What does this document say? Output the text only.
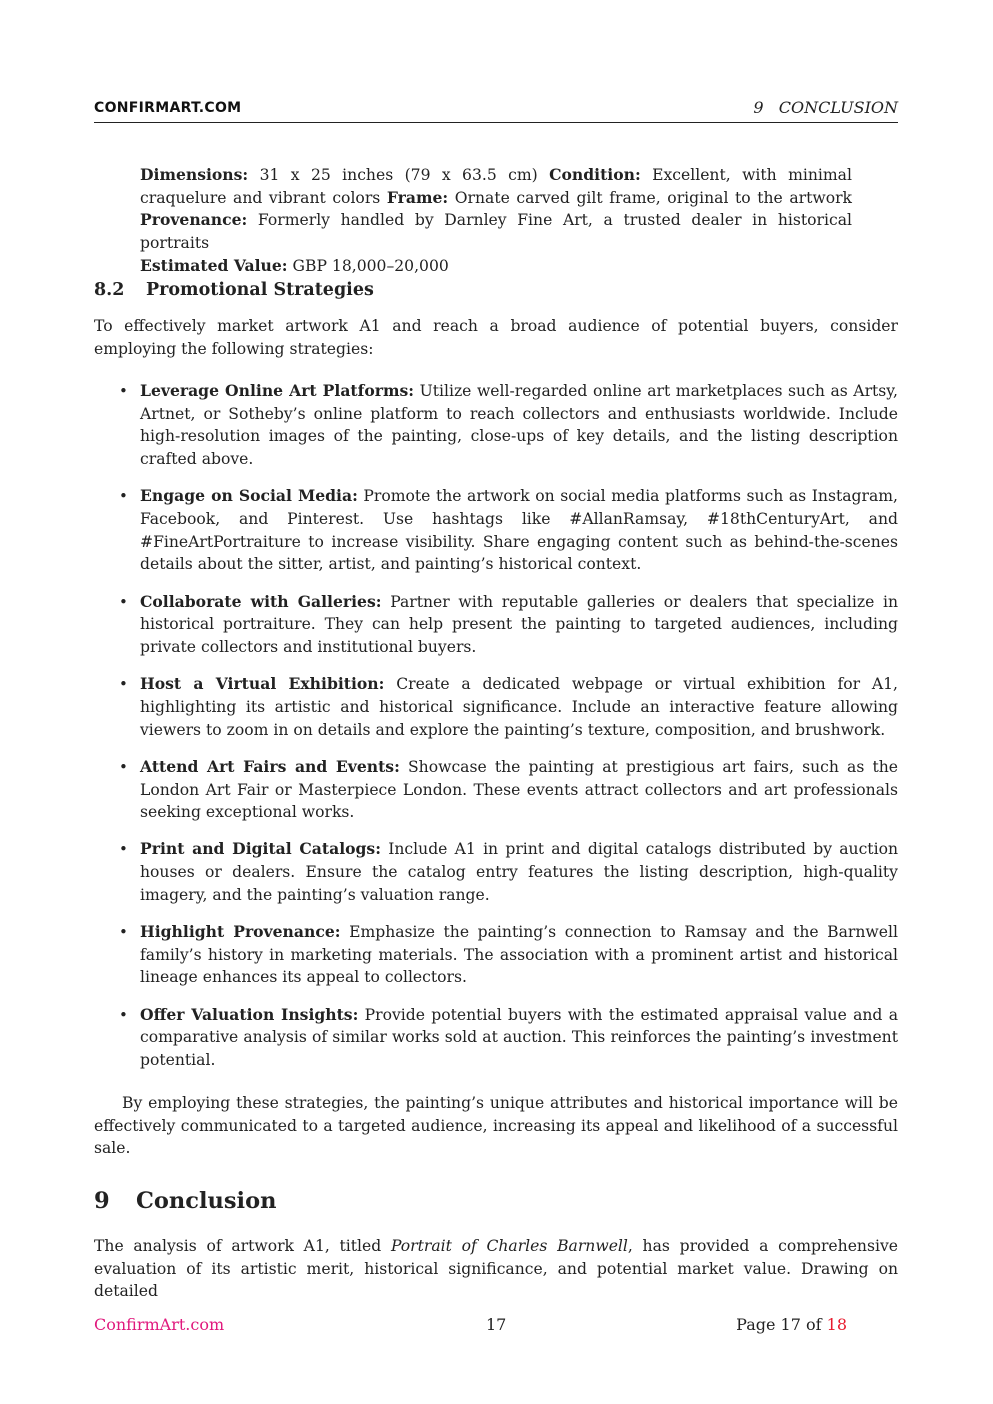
CONFIRMART.COM	9   CONCLUSION

Dimensions: 31 x 25 inches (79 x 63.5 cm) Condition: Excellent, with minimal craquelure and vibrant colors Frame: Ornate carved gilt frame, original to the artwork Provenance: Formerly handled by Darnley Fine Art, a trusted dealer in historical portraits
Estimated Value: GBP 18,000–20,000

8.2 Promotional Strategies

To effectively market artwork A1 and reach a broad audience of potential buyers, consider employing the following strategies:

• Leverage Online Art Platforms: Utilize well-regarded online art marketplaces such as Artsy, Artnet, or Sotheby’s online platform to reach collectors and enthusiasts worldwide. Include high-resolution images of the painting, close-ups of key details, and the listing description crafted above.
• Engage on Social Media: Promote the artwork on social media platforms such as Instagram, Facebook, and Pinterest. Use hashtags like #AllanRamsay, #18thCenturyArt, and #FineArtPortraiture to increase visibility. Share engaging content such as behind-the-scenes details about the sitter, artist, and painting’s historical context.
• Collaborate with Galleries: Partner with reputable galleries or dealers that specialize in historical portraiture. They can help present the painting to targeted audiences, including private collectors and institutional buyers.
• Host a Virtual Exhibition: Create a dedicated webpage or virtual exhibition for A1, highlighting its artistic and historical significance. Include an interactive feature allowing viewers to zoom in on details and explore the painting’s texture, composition, and brushwork.
• Attend Art Fairs and Events: Showcase the painting at prestigious art fairs, such as the London Art Fair or Masterpiece London. These events attract collectors and art professionals seeking exceptional works.
• Print and Digital Catalogs: Include A1 in print and digital catalogs distributed by auction houses or dealers. Ensure the catalog entry features the listing description, high-quality imagery, and the painting’s valuation range.
• Highlight Provenance: Emphasize the painting’s connection to Ramsay and the Barnwell family’s history in marketing materials. The association with a prominent artist and historical lineage enhances its appeal to collectors.
• Offer Valuation Insights: Provide potential buyers with the estimated appraisal value and a comparative analysis of similar works sold at auction. This reinforces the painting’s investment potential.

By employing these strategies, the painting’s unique attributes and historical importance will be effectively communicated to a targeted audience, increasing its appeal and likelihood of a successful sale.

9 Conclusion

The analysis of artwork A1, titled Portrait of Charles Barnwell, has provided a comprehensive evaluation of its artistic merit, historical significance, and potential market value. Drawing on detailed

ConfirmArt.com	17	Page 17 of 18
